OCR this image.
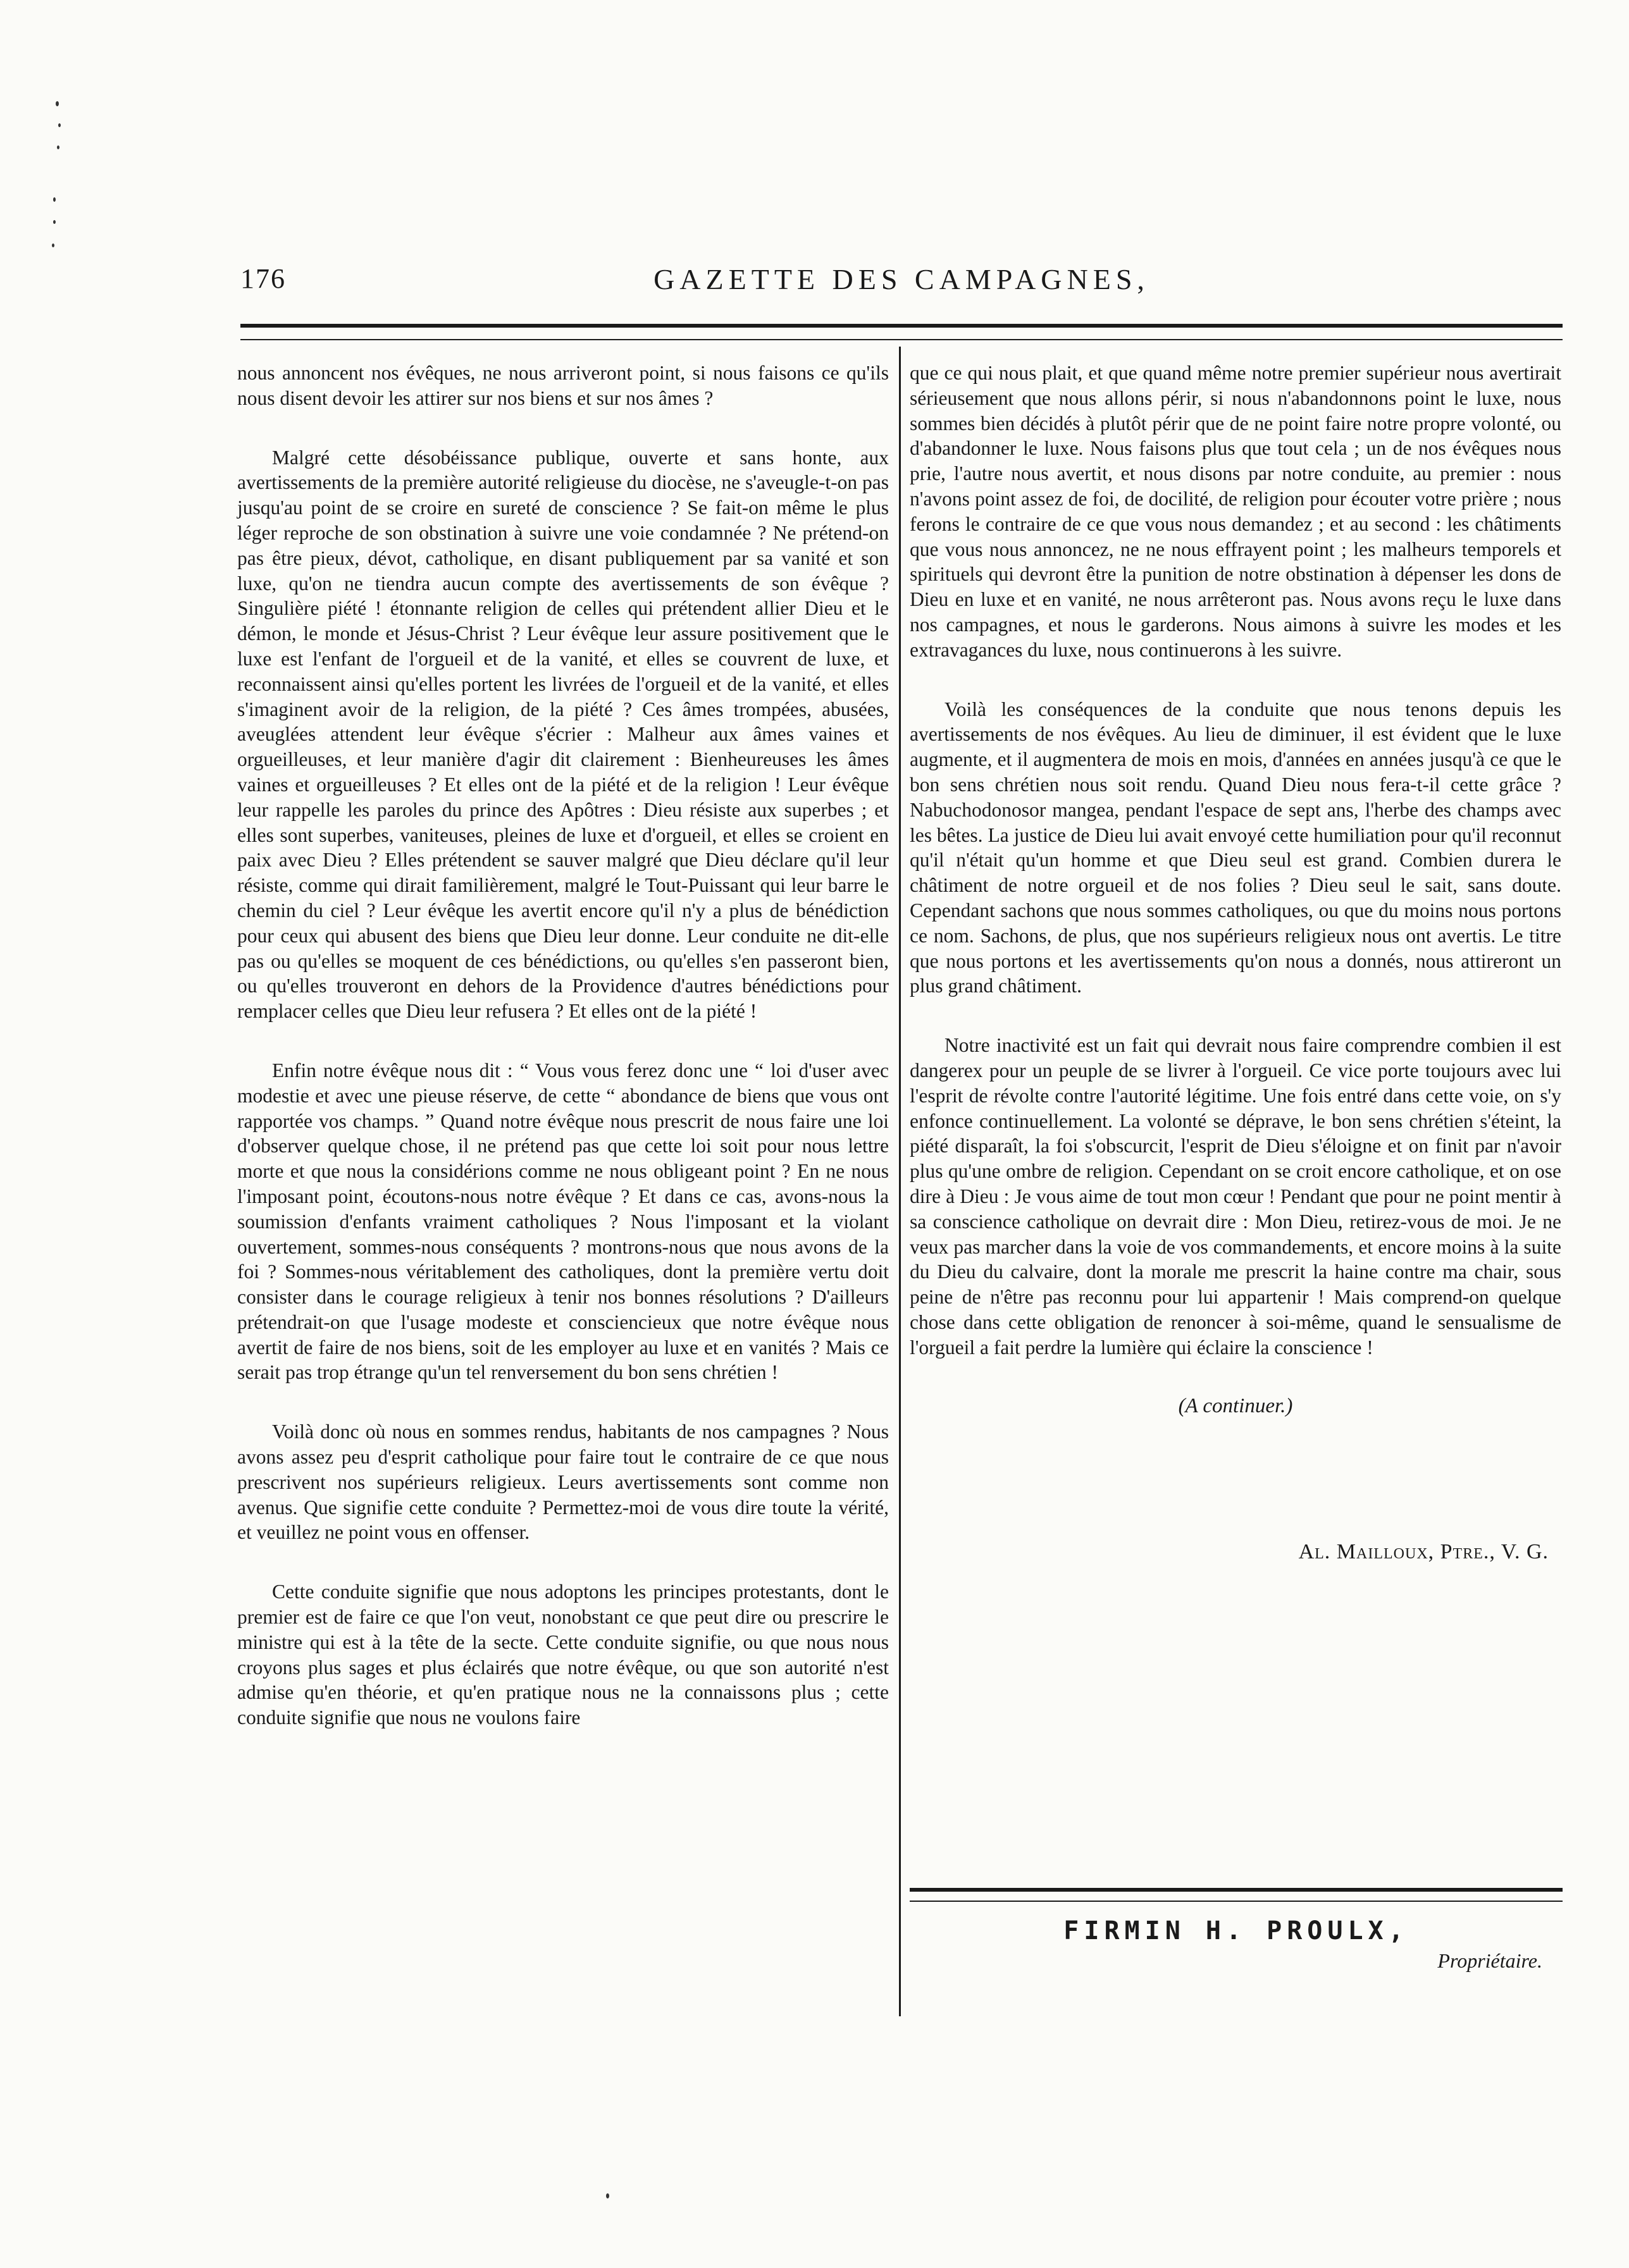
176	GAZETTE DES CAMPAGNES,

nous annoncent nos évêques, ne nous arriveront point, si nous faisons ce qu'ils nous disent devoir les attirer sur nos biens et sur nos âmes ?

Malgré cette désobéissance publique, ouverte et sans honte, aux avertissements de la première autorité religieuse du diocèse, ne s'aveugle-t-on pas jusqu'au point de se croire en sureté de conscience ? Se fait-on même le plus léger reproche de son obstination à suivre une voie condamnée ? Ne prétend-on pas être pieux, dévot, catholique, en disant publiquement par sa vanité et son luxe, qu'on ne tiendra aucun compte des avertissements de son évêque ? Singulière piété ! étonnante religion de celles qui prétendent allier Dieu et le démon, le monde et Jésus-Christ ? Leur évêque leur assure positivement que le luxe est l'enfant de l'orgueil et de la vanité, et elles se couvrent de luxe, et reconnaissent ainsi qu'elles portent les livrées de l'orgueil et de la vanité, et elles s'imaginent avoir de la religion, de la piété ? Ces âmes trompées, abusées, aveuglées attendent leur évêque s'écrier : Malheur aux âmes vaines et orgueilleuses, et leur manière d'agir dit clairement : Bienheureuses les âmes vaines et orgueilleuses ? Et elles ont de la piété et de la religion ! Leur évêque leur rappelle les paroles du prince des Apôtres : Dieu résiste aux superbes ; et elles sont superbes, vaniteuses, pleines de luxe et d'orgueil, et elles se croient en paix avec Dieu ? Elles prétendent se sauver malgré que Dieu déclare qu'il leur résiste, comme qui dirait familièrement, malgré le Tout-Puissant qui leur barre le chemin du ciel ? Leur évêque les avertit encore qu'il n'y a plus de bénédiction pour ceux qui abusent des biens que Dieu leur donne. Leur conduite ne dit-elle pas ou qu'elles se moquent de ces bénédictions, ou qu'elles s'en passeront bien, ou qu'elles trouveront en dehors de la Providence d'autres bénédictions pour remplacer celles que Dieu leur refusera ? Et elles ont de la piété !

Enfin notre évêque nous dit : “ Vous vous ferez donc une “ loi d'user avec modestie et avec une pieuse réserve, de cette “ abondance de biens que vous ont rapportée vos champs. ” Quand notre évêque nous prescrit de nous faire une loi d'observer quelque chose, il ne prétend pas que cette loi soit pour nous lettre morte et que nous la considérions comme ne nous obligeant point ? En ne nous l'imposant point, écoutons-nous notre évêque ? Et dans ce cas, avons-nous la soumission d'enfants vraiment catholiques ? Nous l'imposant et la violant ouvertement, sommes-nous conséquents ? montrons-nous que nous avons de la foi ? Sommes-nous véritablement des catholiques, dont la première vertu doit consister dans le courage religieux à tenir nos bonnes résolutions ? D'ailleurs prétendrait-on que l'usage modeste et consciencieux que notre évêque nous avertit de faire de nos biens, soit de les employer au luxe et en vanités ? Mais ce serait pas trop étrange qu'un tel renversement du bon sens chrétien !

Voilà donc où nous en sommes rendus, habitants de nos campagnes ? Nous avons assez peu d'esprit catholique pour faire tout le contraire de ce que nous prescrivent nos supérieurs religieux. Leurs avertissements sont comme non avenus. Que signifie cette conduite ? Permettez-moi de vous dire toute la vérité, et veuillez ne point vous en offenser.

Cette conduite signifie que nous adoptons les principes protestants, dont le premier est de faire ce que l'on veut, nonobstant ce que peut dire ou prescrire le ministre qui est à la tête de la secte. Cette conduite signifie, ou que nous nous croyons plus sages et plus éclairés que notre évêque, ou que son autorité n'est admise qu'en théorie, et qu'en pratique nous ne la connaissons plus ; cette conduite signifie que nous ne voulons faire

que ce qui nous plait, et que quand même notre premier supérieur nous avertirait sérieusement que nous allons périr, si nous n'abandonnons point le luxe, nous sommes bien décidés à plutôt périr que de ne point faire notre propre volonté, ou d'abandonner le luxe. Nous faisons plus que tout cela ; un de nos évêques nous prie, l'autre nous avertit, et nous disons par notre conduite, au premier : nous n'avons point assez de foi, de docilité, de religion pour écouter votre prière ; nous ferons le contraire de ce que vous nous demandez ; et au second : les châtiments que vous nous annoncez, ne ne nous effrayent point ; les malheurs temporels et spirituels qui devront être la punition de notre obstination à dépenser les dons de Dieu en luxe et en vanité, ne nous arrêteront pas. Nous avons reçu le luxe dans nos campagnes, et nous le garderons. Nous aimons à suivre les modes et les extravagances du luxe, nous continuerons à les suivre.

Voilà les conséquences de la conduite que nous tenons depuis les avertissements de nos évêques. Au lieu de diminuer, il est évident que le luxe augmente, et il augmentera de mois en mois, d'années en années jusqu'à ce que le bon sens chrétien nous soit rendu. Quand Dieu nous fera-t-il cette grâce ? Nabuchodonosor mangea, pendant l'espace de sept ans, l'herbe des champs avec les bêtes. La justice de Dieu lui avait envoyé cette humiliation pour qu'il reconnut qu'il n'était qu'un homme et que Dieu seul est grand. Combien durera le châtiment de notre orgueil et de nos folies ? Dieu seul le sait, sans doute. Cependant sachons que nous sommes catholiques, ou que du moins nous portons ce nom. Sachons, de plus, que nos supérieurs religieux nous ont avertis. Le titre que nous portons et les avertissements qu'on nous a donnés, nous attireront un plus grand châtiment.

Notre inactivité est un fait qui devrait nous faire comprendre combien il est dangerex pour un peuple de se livrer à l'orgueil. Ce vice porte toujours avec lui l'esprit de révolte contre l'autorité légitime. Une fois entré dans cette voie, on s'y enfonce continuellement. La volonté se déprave, le bon sens chrétien s'éteint, la piété disparaît, la foi s'obscurcit, l'esprit de Dieu s'éloigne et on finit par n'avoir plus qu'une ombre de religion. Cependant on se croit encore catholique, et on ose dire à Dieu : Je vous aime de tout mon cœur ! Pendant que pour ne point mentir à sa conscience catholique on devrait dire : Mon Dieu, retirez-vous de moi. Je ne veux pas marcher dans la voie de vos commandements, et encore moins à la suite du Dieu du calvaire, dont la morale me prescrit la haine contre ma chair, sous peine de n'être pas reconnu pour lui appartenir ! Mais comprend-on quelque chose dans cette obligation de renoncer à soi-même, quand le sensualisme de l'orgueil a fait perdre la lumière qui éclaire la conscience !

(A continuer.)
Al. Mailloux, Ptre., V. G.
FIRMIN H. PROULX,
Propriétaire.
